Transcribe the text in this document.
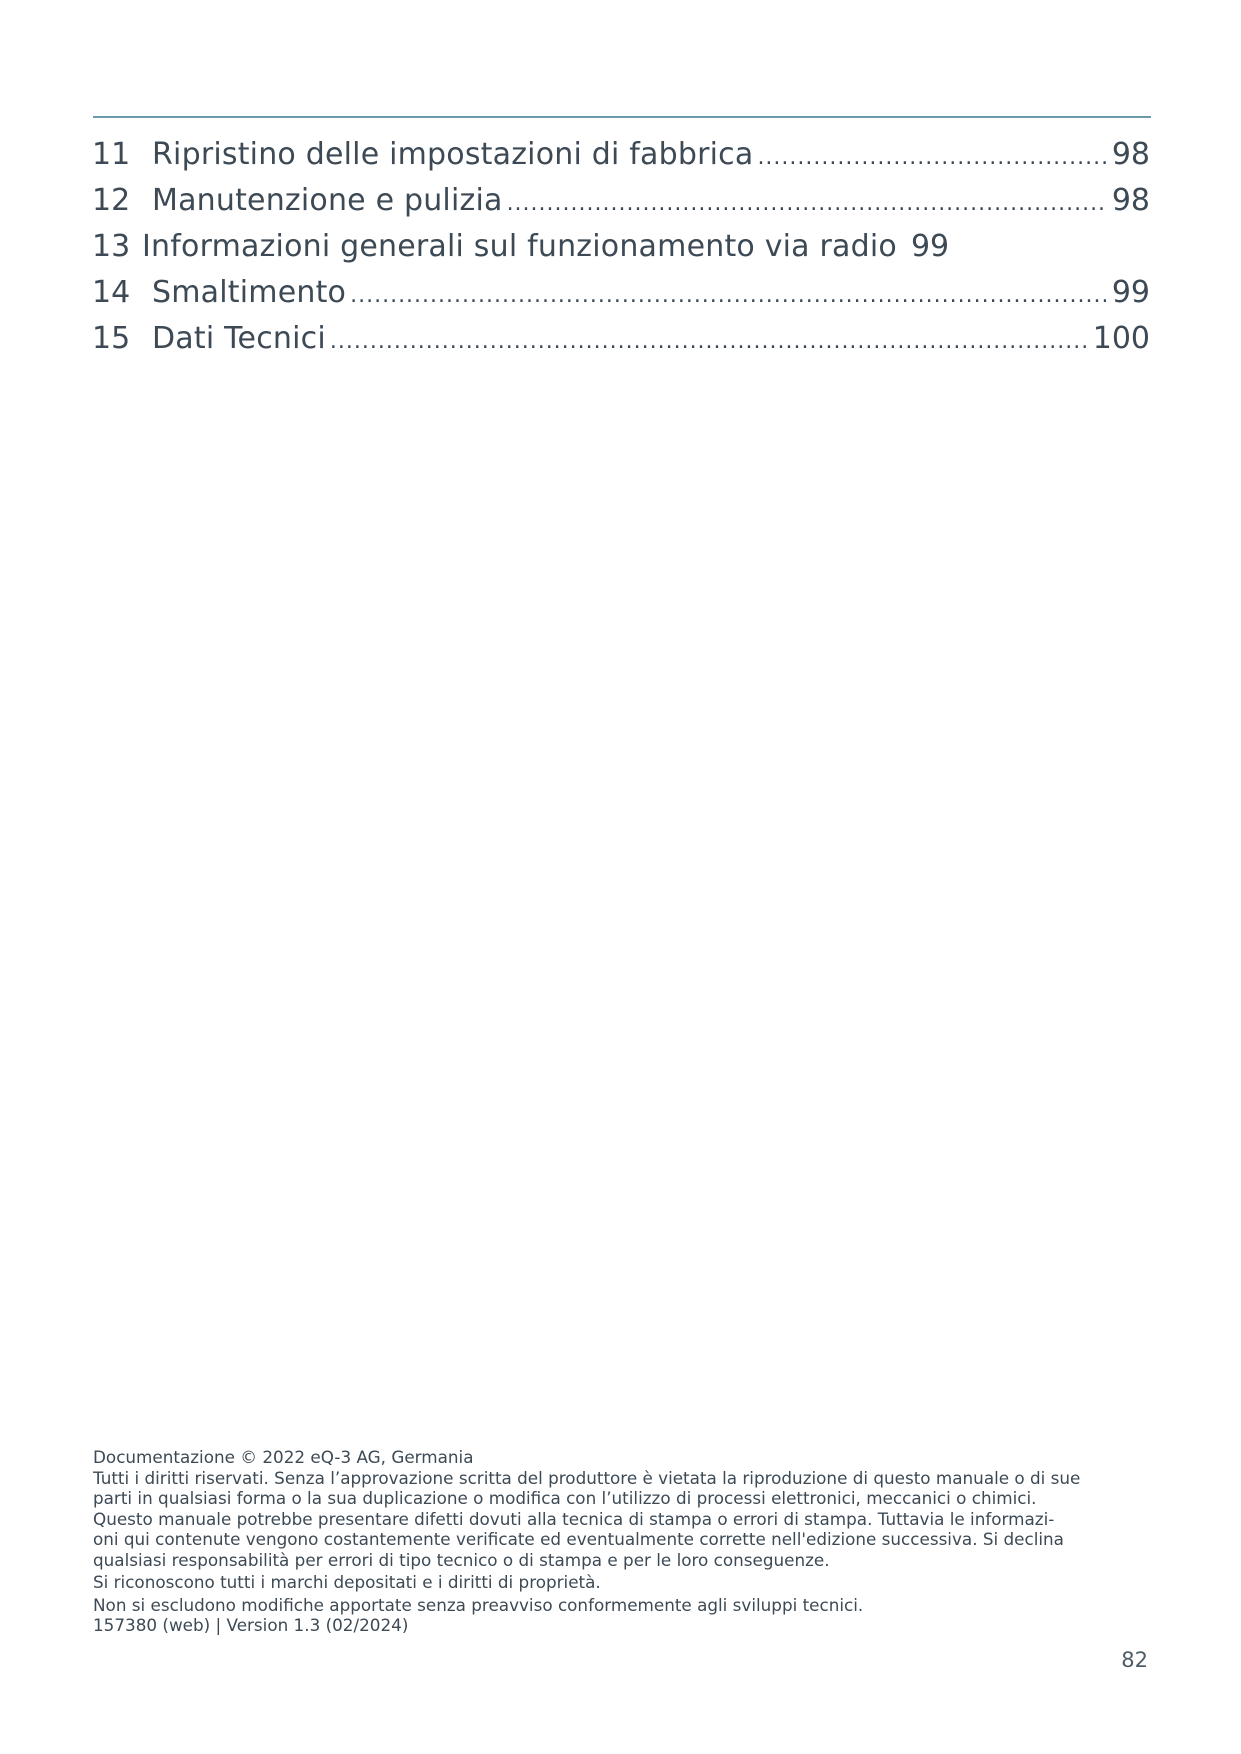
11 Ripristino delle impostazioni di fabbrica .....	98
12 Manutenzione e pulizia .....	98
13 Informazioni generali sul funzionamento via radio 99
14 Smaltimento .....	99
15 Dati Tecnici .....	100

Documentazione © 2022 eQ-3 AG, Germania

Tutti i diritti riservati. Senza l’approvazione scritta del produttore è vietata la riproduzione di questo manuale o di sue

parti in qualsiasi forma o la sua duplicazione o modifica con l’utilizzo di processi elettronici, meccanici o chimici.

Questo manuale potrebbe presentare difetti dovuti alla tecnica di stampa o errori di stampa. Tuttavia le informazi-

oni qui contenute vengono costantemente verificate ed eventualmente corrette nell'edizione successiva. Si declina

qualsiasi responsabilità per errori di tipo tecnico o di stampa e per le loro conseguenze.

Si riconoscono tutti i marchi depositati e i diritti di proprietà.

Non si escludono modifiche apportate senza preavviso conformemente agli sviluppi tecnici.

157380 (web) | Version 1.3 (02/2024)

82
